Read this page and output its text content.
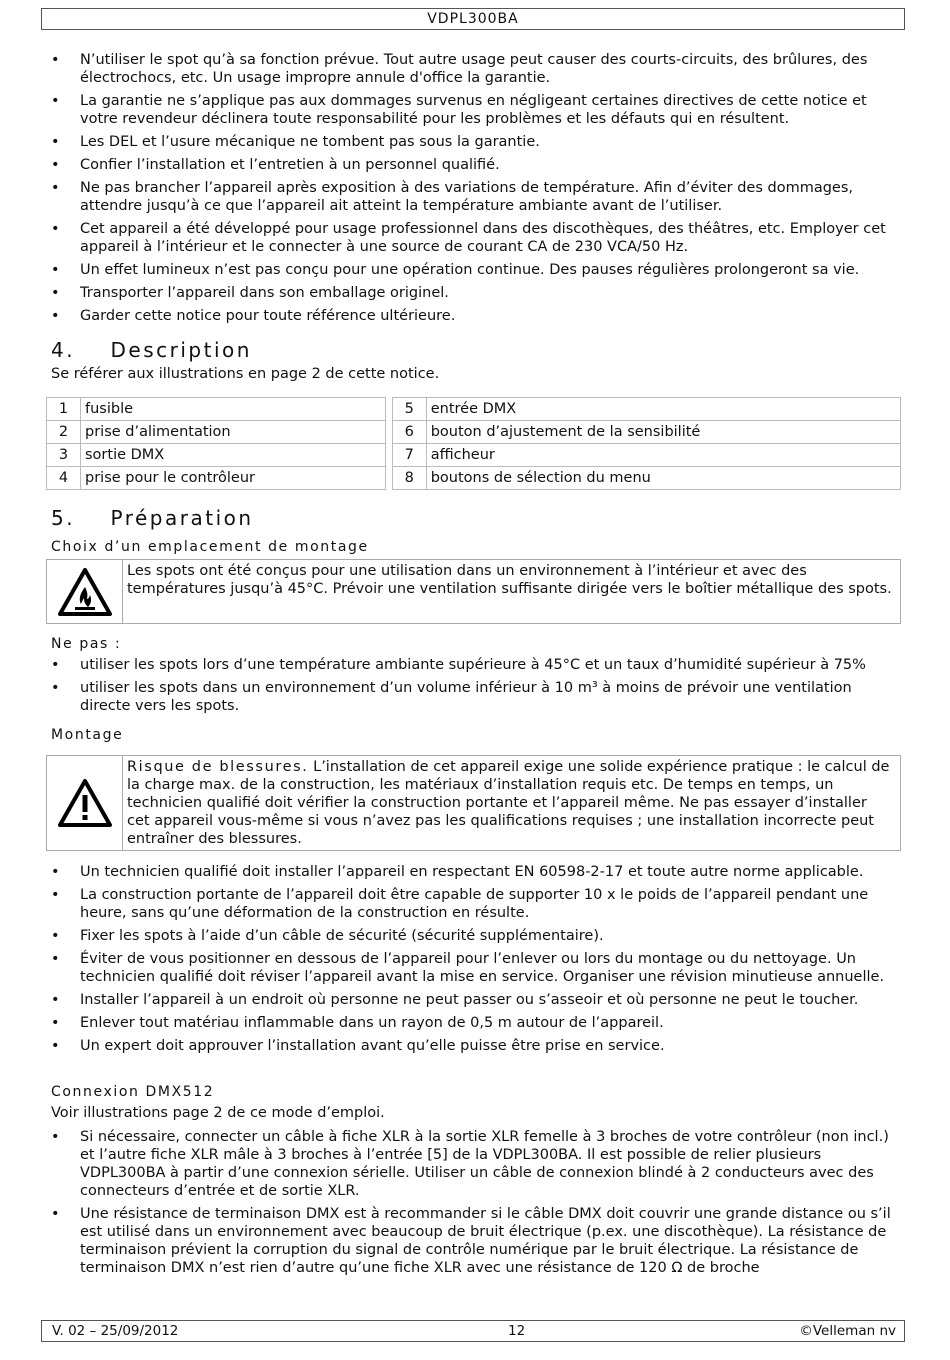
VDPL300BA
• N’utiliser le spot qu’à sa fonction prévue. Tout autre usage peut causer des courts-circuits, des brûlures, des électrochocs, etc. Un usage impropre annule d'office la garantie.
• La garantie ne s’applique pas aux dommages survenus en négligeant certaines directives de cette notice et votre revendeur déclinera toute responsabilité pour les problèmes et les défauts qui en résultent.
• Les DEL et l’usure mécanique ne tombent pas sous la garantie.
• Confier l’installation et l’entretien à un personnel qualifié.
• Ne pas brancher l’appareil après exposition à des variations de température. Afin d’éviter des dommages, attendre jusqu’à ce que l’appareil ait atteint la température ambiante avant de l’utiliser.
• Cet appareil a été développé pour usage professionnel dans des discothèques, des théâtres, etc. Employer cet appareil à l’intérieur et le connecter à une source de courant CA de 230 VCA/50 Hz.
• Un effet lumineux n’est pas conçu pour une opération continue. Des pauses régulières prolongeront sa vie.
• Transporter l’appareil dans son emballage originel.
• Garder cette notice pour toute référence ultérieure.
4.    Description
Se référer aux illustrations en page 2 de cette notice.
1	fusible		5	entrée DMX
2	prise d’alimentation		6	bouton d’ajustement de la sensibilité
3	sortie DMX		7	afficheur
4	prise pour le contrôleur		8	boutons de sélection du menu
5.    Préparation
Choix d’un emplacement de montage
Les spots ont été conçus pour une utilisation dans un environnement à l’intérieur et avec des températures jusqu’à 45°C. Prévoir une ventilation suffisante dirigée vers le boîtier métallique des spots.
Ne pas :
• utiliser les spots lors d’une température ambiante supérieure à 45°C et un taux d’humidité supérieur à 75%
• utiliser les spots dans un environnement d’un volume inférieur à 10 m³ à moins de prévoir une ventilation directe vers les spots.
Montage
Risque de blessures. L’installation de cet appareil exige une solide expérience pratique : le calcul de la charge max. de la construction, les matériaux d’installation requis etc. De temps en temps, un technicien qualifié doit vérifier la construction portante et l’appareil même. Ne pas essayer d’installer cet appareil vous-même si vous n’avez pas les qualifications requises ; une installation incorrecte peut entraîner des blessures.
• Un technicien qualifié doit installer l’appareil en respectant EN 60598-2-17 et toute autre norme applicable.
• La construction portante de l’appareil doit être capable de supporter 10 x le poids de l’appareil pendant une heure, sans qu’une déformation de la construction en résulte.
• Fixer les spots à l’aide d’un câble de sécurité (sécurité supplémentaire).
• Éviter de vous positionner en dessous de l’appareil pour l’enlever ou lors du montage ou du nettoyage. Un technicien qualifié doit réviser l’appareil avant la mise en service. Organiser une révision minutieuse annuelle.
• Installer l’appareil à un endroit où personne ne peut passer ou s’asseoir et où personne ne peut le toucher.
• Enlever tout matériau inflammable dans un rayon de 0,5 m autour de l’appareil.
• Un expert doit approuver l’installation avant qu’elle puisse être prise en service.
Connexion DMX512
Voir illustrations page 2 de ce mode d’emploi.
• Si nécessaire, connecter un câble à fiche XLR à la sortie XLR femelle à 3 broches de votre contrôleur (non incl.) et l’autre fiche XLR mâle à 3 broches à l’entrée [5] de la VDPL300BA. Il est possible de relier plusieurs VDPL300BA à partir d’une connexion sérielle. Utiliser un câble de connexion blindé à 2 conducteurs avec des connecteurs d’entrée et de sortie XLR.
• Une résistance de terminaison DMX est à recommander si le câble DMX doit couvrir une grande distance ou s’il est utilisé dans un environnement avec beaucoup de bruit électrique (p.ex. une discothèque). La résistance de terminaison prévient la corruption du signal de contrôle numérique par le bruit électrique. La résistance de terminaison DMX n’est rien d’autre qu’une fiche XLR avec une résistance de 120 Ω de broche
V. 02 – 25/09/2012	12	©Velleman nv
